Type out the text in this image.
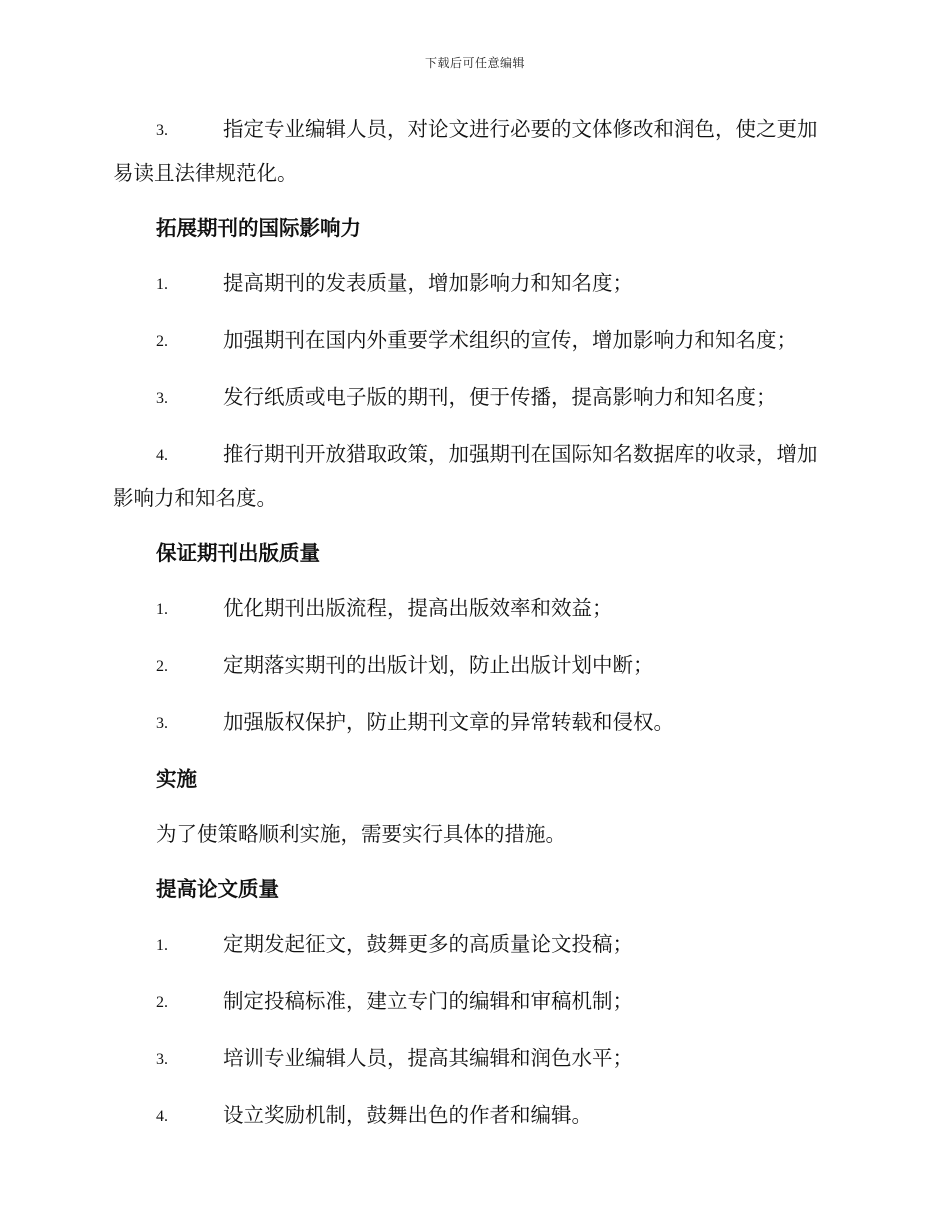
下载后可任意编辑

3.	指定专业编辑人员，对论文进行必要的文体修改和润色，使之更加易读且法律规范化。

拓展期刊的国际影响力

1.	提高期刊的发表质量，增加影响力和知名度；

2.	加强期刊在国内外重要学术组织的宣传，增加影响力和知名度；

3.	发行纸质或电子版的期刊，便于传播，提高影响力和知名度；

4.	推行期刊开放猎取政策，加强期刊在国际知名数据库的收录，增加影响力和知名度。

保证期刊出版质量

1.	优化期刊出版流程，提高出版效率和效益；

2.	定期落实期刊的出版计划，防止出版计划中断；

3.	加强版权保护，防止期刊文章的异常转载和侵权。

实施

为了使策略顺利实施，需要实行具体的措施。

提高论文质量

1.	定期发起征文，鼓舞更多的高质量论文投稿；

2.	制定投稿标准，建立专门的编辑和审稿机制；

3.	培训专业编辑人员，提高其编辑和润色水平；

4.	设立奖励机制，鼓舞出色的作者和编辑。
